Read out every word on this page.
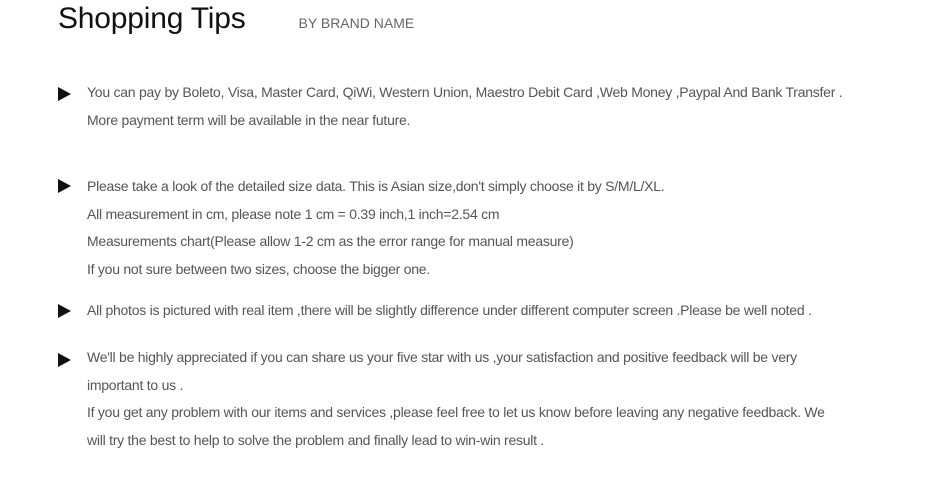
Shopping Tips	BY BRAND NAME
You can pay by Boleto, Visa, Master Card, QiWi, Western Union, Maestro Debit Card ,Web Money ,Paypal And Bank Transfer .
More payment term will be available in the near future.
Please take a look of the detailed size data. This is Asian size,don't simply choose it by S/M/L/XL.
All measurement in cm, please note 1 cm = 0.39 inch,1 inch=2.54 cm
Measurements chart(Please allow 1-2 cm as the error range for manual measure)
If you not sure between two sizes, choose the bigger one.
All photos is pictured with real item ,there will be slightly difference under different computer screen .Please be well noted .
We'll be highly appreciated if you can share us your five star with us ,your satisfaction and positive feedback will be very
important to us .
If you get any problem with our items and services ,please feel free to let us know before leaving any negative feedback. We
will try the best to help to solve the problem and finally lead to win-win result .
